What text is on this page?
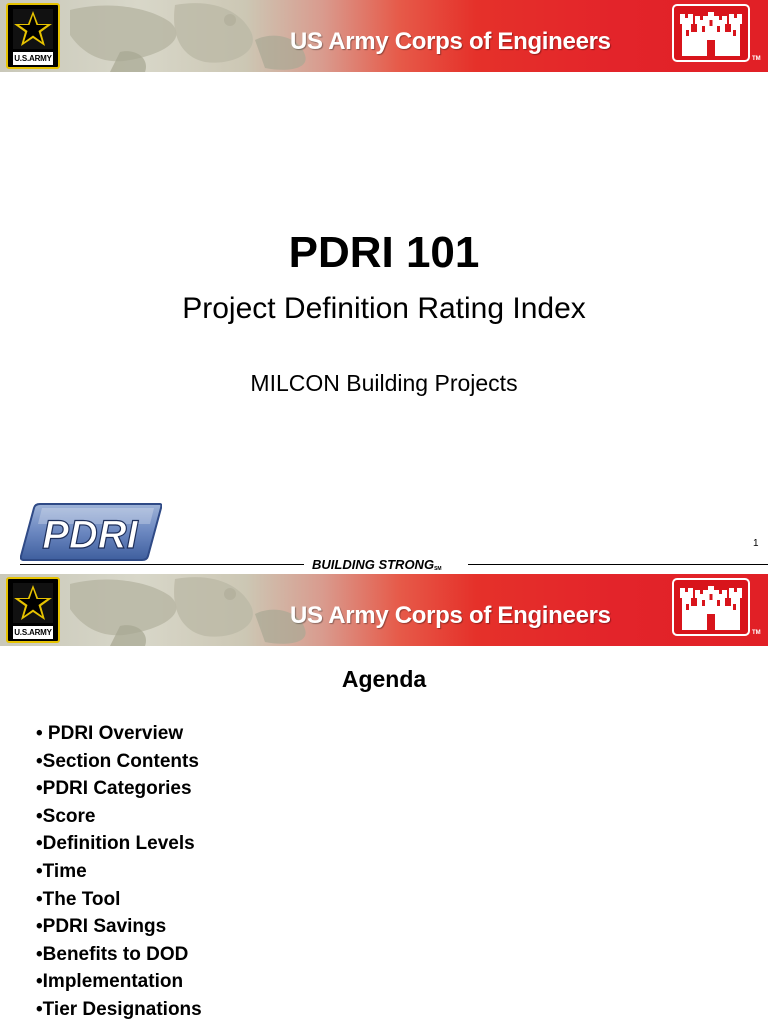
U.S.ARMY
US Army Corps of Engineers
TM
PDRI 101
Project Definition Rating Index
MILCON Building Projects
PDRI
BUILDING STRONGSM
1
U.S.ARMY
US Army Corps of Engineers
TM
Agenda
• PDRI Overview
•Section Contents
•PDRI Categories
•Score
•Definition Levels
•Time
•The Tool
•PDRI Savings
•Benefits to DOD
•Implementation
•Tier Designations
